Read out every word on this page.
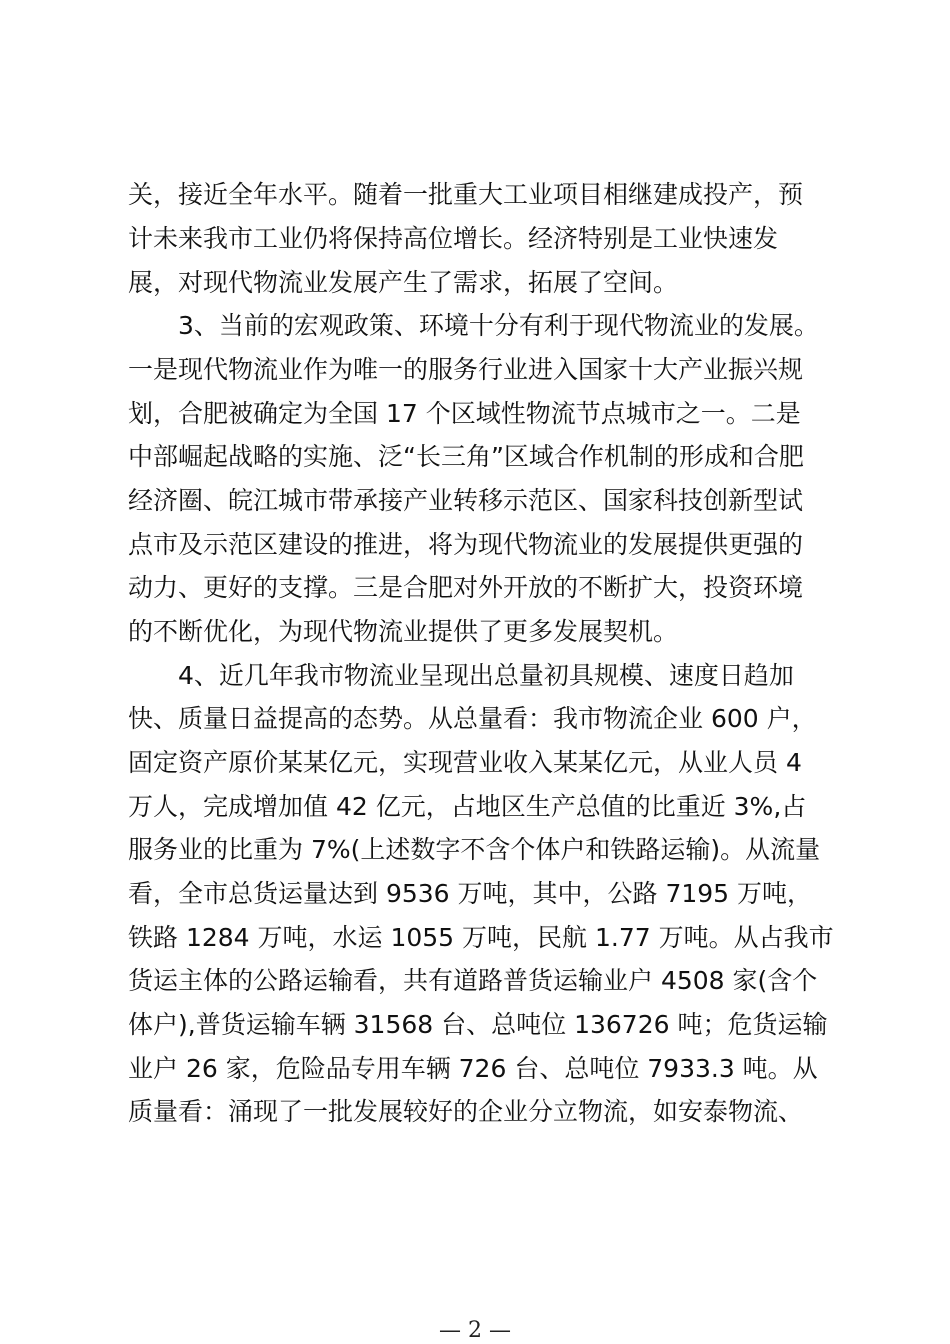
关，接近全年水平。随着一批重大工业项目相继建成投产，预
计未来我市工业仍将保持高位增长。经济特别是工业快速发
展，对现代物流业发展产生了需求，拓展了空间。
3、当前的宏观政策、环境十分有利于现代物流业的发展。
一是现代物流业作为唯一的服务行业进入国家十大产业振兴规
划，合肥被确定为全国 17 个区域性物流节点城市之一。二是
中部崛起战略的实施、泛“长三角”区域合作机制的形成和合肥
经济圈、皖江城市带承接产业转移示范区、国家科技创新型试
点市及示范区建设的推进，将为现代物流业的发展提供更强的
动力、更好的支撑。三是合肥对外开放的不断扩大，投资环境
的不断优化，为现代物流业提供了更多发展契机。
4、近几年我市物流业呈现出总量初具规模、速度日趋加
快、质量日益提高的态势。从总量看：我市物流企业 600 户，
固定资产原价某某亿元，实现营业收入某某亿元，从业人员 4
万人，完成增加值 42 亿元，占地区生产总值的比重近 3%,占
服务业的比重为 7%(上述数字不含个体户和铁路运输)。从流量
看，全市总货运量达到 9536 万吨，其中，公路 7195 万吨，
铁路 1284 万吨，水运 1055 万吨，民航 1.77 万吨。从占我市
货运主体的公路运输看，共有道路普货运输业户 4508 家(含个
体户),普货运输车辆 31568 台、总吨位 136726 吨；危货运输
业户 26 家，危险品专用车辆 726 台、总吨位 7933.3 吨。从
质量看：涌现了一批发展较好的企业分立物流，如安泰物流、
— 2 —
